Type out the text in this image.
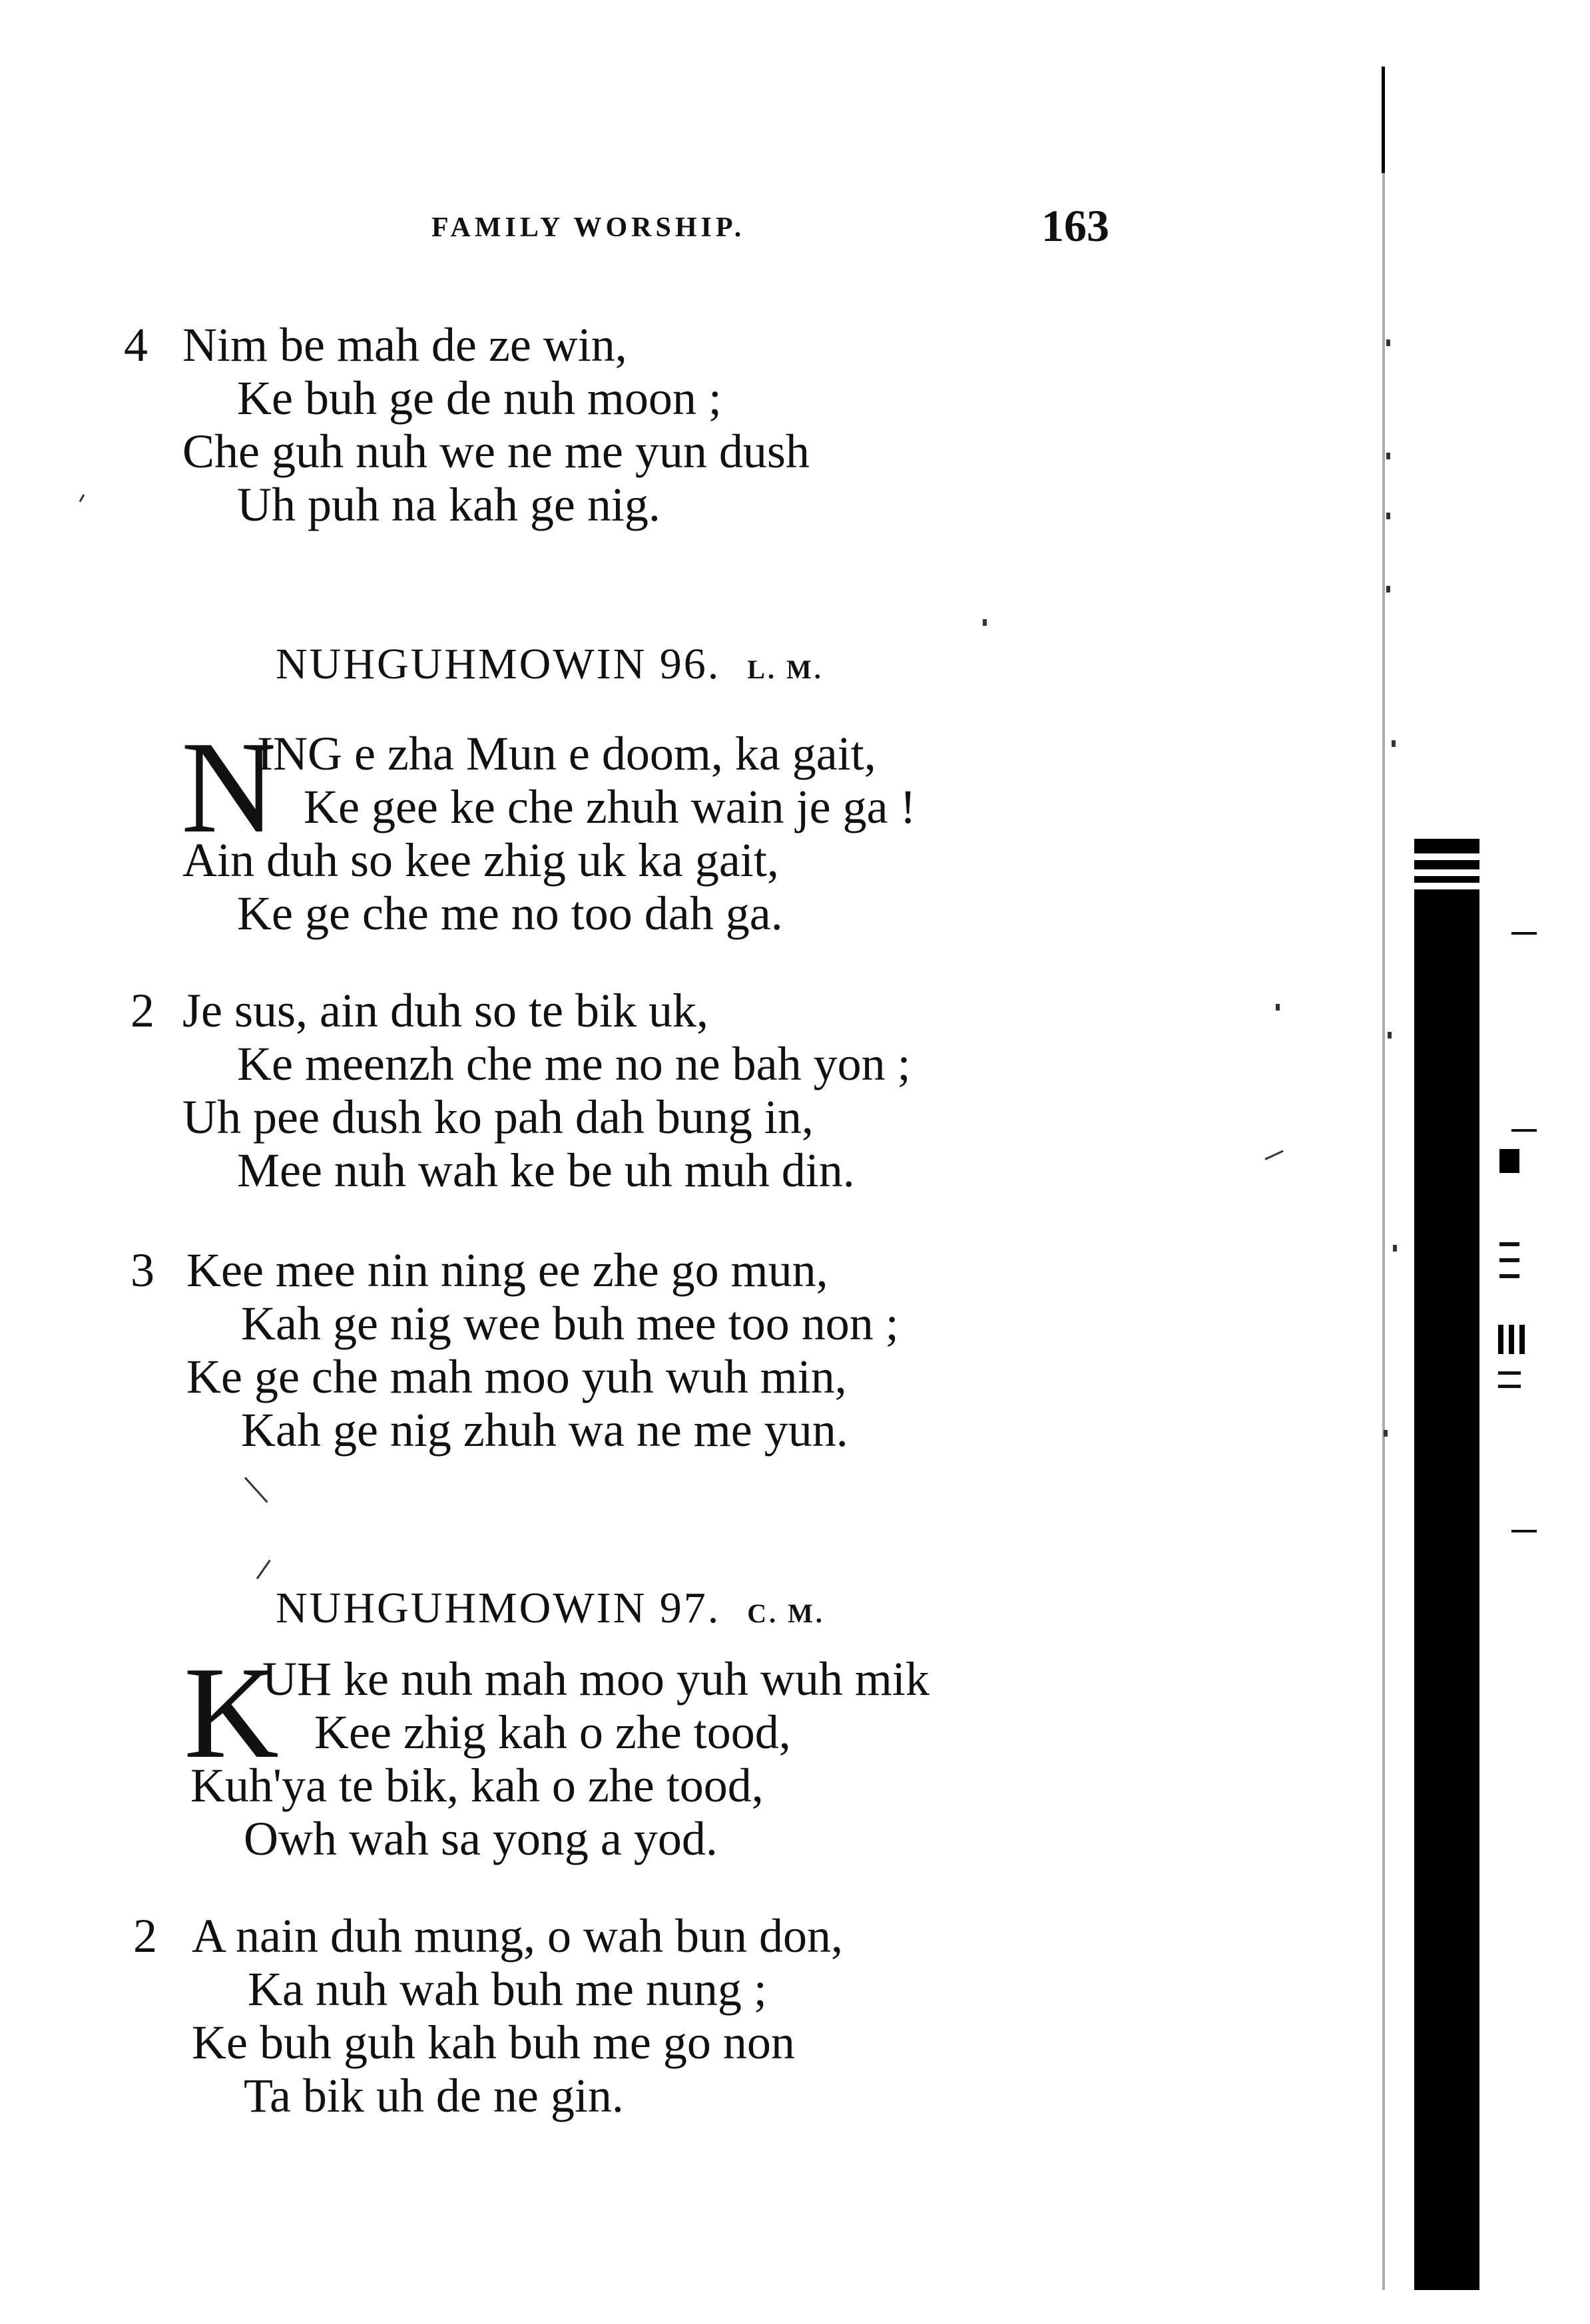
FAMILY WORSHIP.	163
4 Nim be mah de ze win,
Ke buh ge de nuh moon ;
Che guh nuh we ne me yun dush
Uh puh na kah ge nig.
NUHGUHMOWIN 96. L. M.
N
ING e zha Mun e doom, ka gait,
Ke gee ke che zhuh wain je ga !
Ain duh so kee zhig uk ka gait,
Ke ge che me no too dah ga.
2 Je sus, ain duh so te bik uk,
Ke meenzh che me no ne bah yon ;
Uh pee dush ko pah dah bung in,
Mee nuh wah ke be uh muh din.
3 Kee mee nin ning ee zhe go mun,
Kah ge nig wee buh mee too non ;
Ke ge che mah moo yuh wuh min,
Kah ge nig zhuh wa ne me yun.
NUHGUHMOWIN 97. C. M.
K
UH ke nuh mah moo yuh wuh mik
Kee zhig kah o zhe tood,
Kuh'ya te bik, kah o zhe tood,
Owh wah sa yong a yod.
2 A nain duh mung, o wah bun don,
Ka nuh wah buh me nung ;
Ke buh guh kah buh me go non
Ta bik uh de ne gin.
